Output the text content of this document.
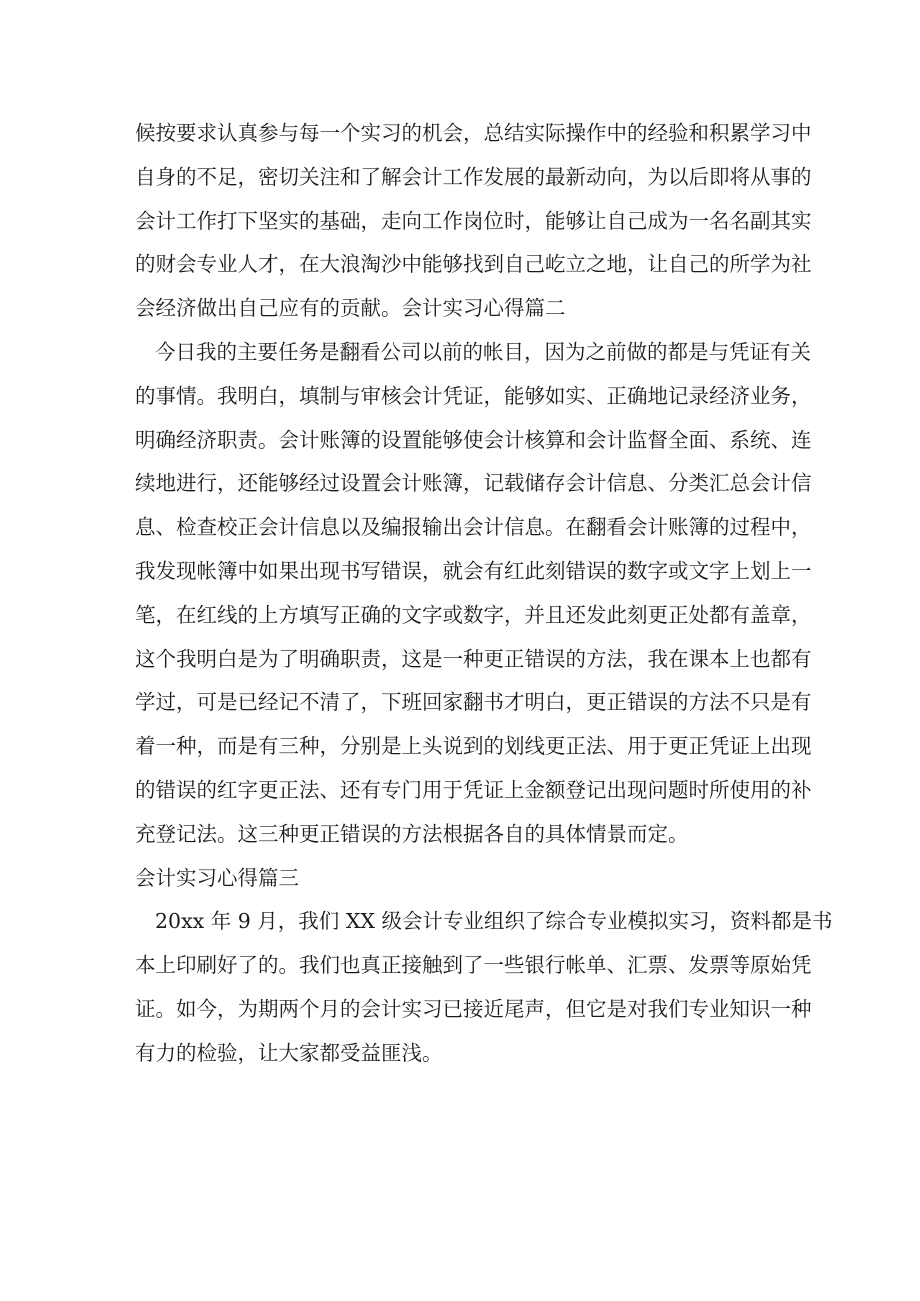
候按要求认真参与每一个实习的机会，总结实际操作中的经验和积累学习中
自身的不足，密切关注和了解会计工作发展的最新动向，为以后即将从事的
会计工作打下坚实的基础，走向工作岗位时，能够让自己成为一名名副其实
的财会专业人才，在大浪淘沙中能够找到自己屹立之地，让自己的所学为社
会经济做出自己应有的贡献。会计实习心得篇二
今日我的主要任务是翻看公司以前的帐目，因为之前做的都是与凭证有关
的事情。我明白，填制与审核会计凭证，能够如实、正确地记录经济业务，
明确经济职责。会计账簿的设置能够使会计核算和会计监督全面、系统、连
续地进行，还能够经过设置会计账簿，记载储存会计信息、分类汇总会计信
息、检查校正会计信息以及编报输出会计信息。在翻看会计账簿的过程中，
我发现帐簿中如果出现书写错误，就会有红此刻错误的数字或文字上划上一
笔，在红线的上方填写正确的文字或数字，并且还发此刻更正处都有盖章，
这个我明白是为了明确职责，这是一种更正错误的方法，我在课本上也都有
学过，可是已经记不清了，下班回家翻书才明白，更正错误的方法不只是有
着一种，而是有三种，分别是上头说到的划线更正法、用于更正凭证上出现
的错误的红字更正法、还有专门用于凭证上金额登记出现问题时所使用的补
充登记法。这三种更正错误的方法根据各自的具体情景而定。
会计实习心得篇三
20xx 年 9 月，我们 XX 级会计专业组织了综合专业模拟实习，资料都是书
本上印刷好了的。我们也真正接触到了一些银行帐单、汇票、发票等原始凭
证。如今，为期两个月的会计实习已接近尾声，但它是对我们专业知识一种
有力的检验，让大家都受益匪浅。
